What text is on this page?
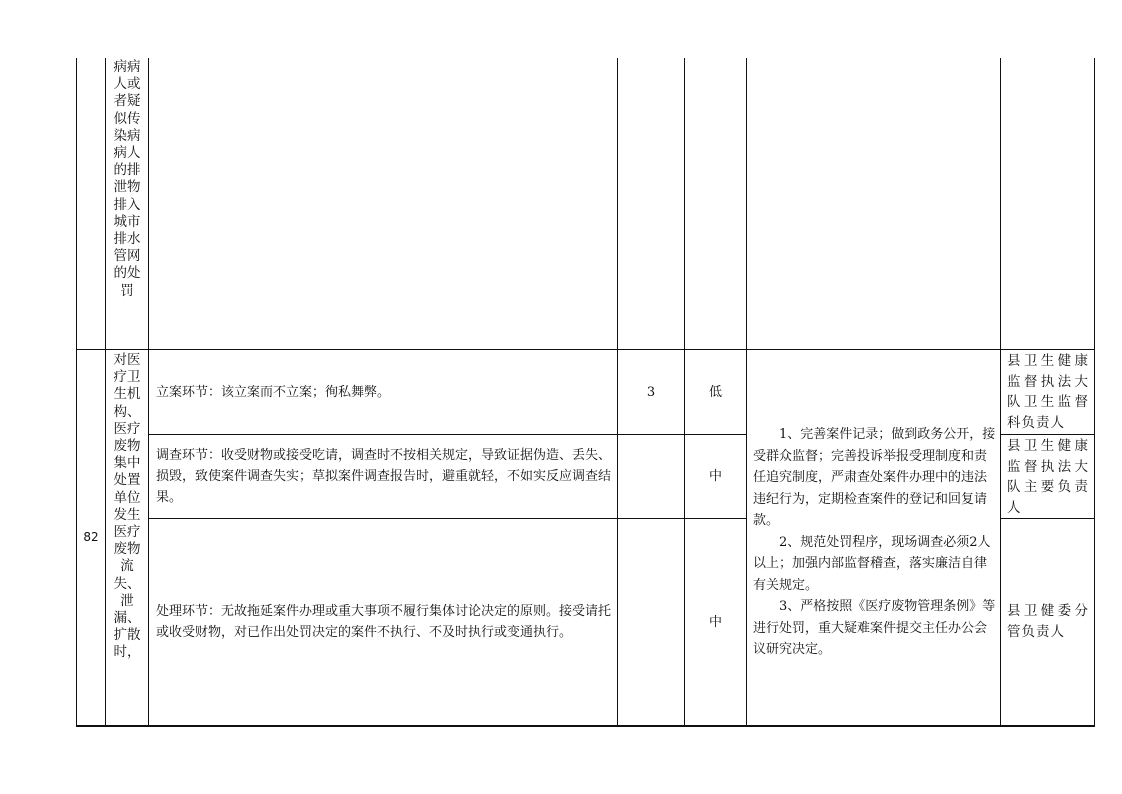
病病人或者疑似传染病病人的排泄物排入城市排水管网的处罚
82
对医疗卫生机构、医疗废物集中处置单位发生医疗废物流失、泄漏、扩散时，
立案环节：该立案而不立案；徇私舞弊。	3	低
县卫生健康监督执法大队卫生监督科负责人
调查环节：收受财物或接受吃请，调查时不按相关规定，导致证据伪造、丢失、损毁，致使案件调查失实；草拟案件调查报告时，避重就轻，不如实反应调查结果。
中
县卫生健康监督执法大队主要负责人
处理环节：无故拖延案件办理或重大事项不履行集体讨论决定的原则。接受请托或收受财物，对已作出处罚决定的案件不执行、不及时执行或变通执行。
中
县卫健委分管负责人

1、完善案件记录；做到政务公开，接受群众监督；完善投诉举报受理制度和责任追究制度，严肃查处案件办理中的违法违纪行为，定期检查案件的登记和回复请款。

2、规范处罚程序，现场调查必须2人以上；加强内部监督稽查，落实廉洁自律有关规定。

3、严格按照《医疗废物管理条例》等进行处罚，重大疑难案件提交主任办公会议研究决定。
